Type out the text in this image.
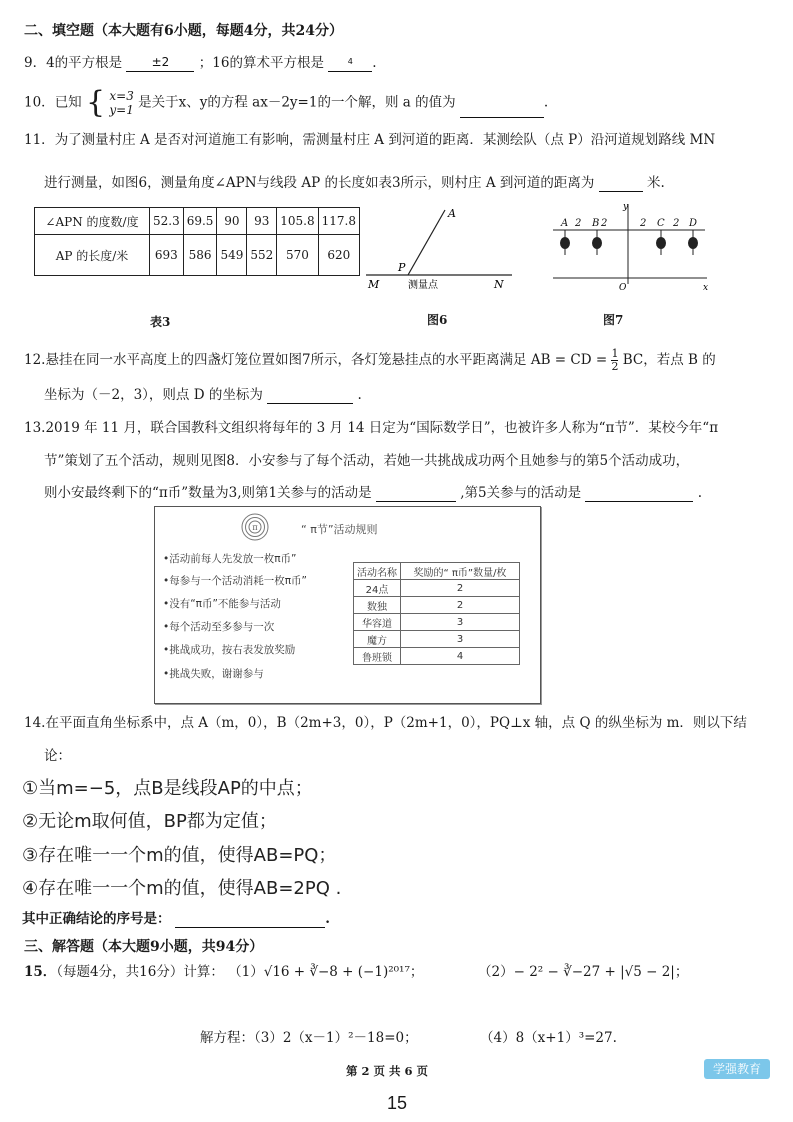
二、填空题（本大题有6小题，每题4分，共24分）
9．4的平方根是 ±2 ；16的算术平方根是	4 .
10．已知 { x=3
y=1 是关于x、y的方程 ax－2y=1的一个解，则 a 的值为	.
11．为了测量村庄 A 是否对河道施工有影响，需测量村庄 A 到河道的距离．某测绘队（点 P）沿河道规划路线 MN
进行测量，如图6，测量角度∠APN与线段 AP 的长度如表3所示，则村庄 A 到河道的距离为	米.
∠APN 的度数/度	52.3	69.5	90	93	105.8	117.8
AP 的长度/米	693	586	549	552	570	620
A
P
M	测量点	N
y
O	x
A 2 B 2	2 C 2 D
表3	图6	图7
12.悬挂在同一水平高度上的四盏灯笼位置如图7所示，各灯笼悬挂点的水平距离满足 AB = CD = $\frac{1}{2}$ BC，若点 B 的
坐标为（－2，3），则点 D 的坐标为	.
13.2019 年 11 月，联合国教科文组织将每年的 3 月 14 日定为“国际数学日”，也被许多人称为“π节”．某校今年“π
节”策划了五个活动，规则见图8．小安参与了每个活动，若她一共挑战成功两个且她参与的第5个活动成功，
则小安最终剩下的“π币”数量为3,则第1关参与的活动是	,第5关参与的活动是	.
π	“ π节”活动规则
•活动前每人先发放一枚π币”
•每参与一个活动消耗一枚π币”
•没有“π币”不能参与活动
•每个活动至多参与一次
•挑战成功，按右表发放奖励
•挑战失败，谢谢参与
活动名称	奖励的“ π币”数量/枚
24点	2
数独	2
华容道	3
魔方	3
鲁班锁	4
14.在平面直角坐标系中，点 A（m，0），B（2m+3，0），P（2m+1，0），PQ⊥x 轴，点 Q 的纵坐标为 m．则以下结
论：
①当m=−5，点B是线段AP的中点；
②无论m取何值，BP都为定值；
③存在唯一一个m的值，使得AB=PQ；
④存在唯一一个m的值，使得AB=2PQ .
其中正确结论的序号是：	.
三、解答题（本大题9小题，共94分）
15．（每题4分，共16分）计算： （1）√16 + ∛−8 + (−1)²⁰¹⁷；	（2）− 2² − ∛−27 + |√5 − 2|；
解方程：（3）2（x－1）²－18=0；	（4）8（x+1）³=27.
第 2 页 共 6 页	学强教育
15
